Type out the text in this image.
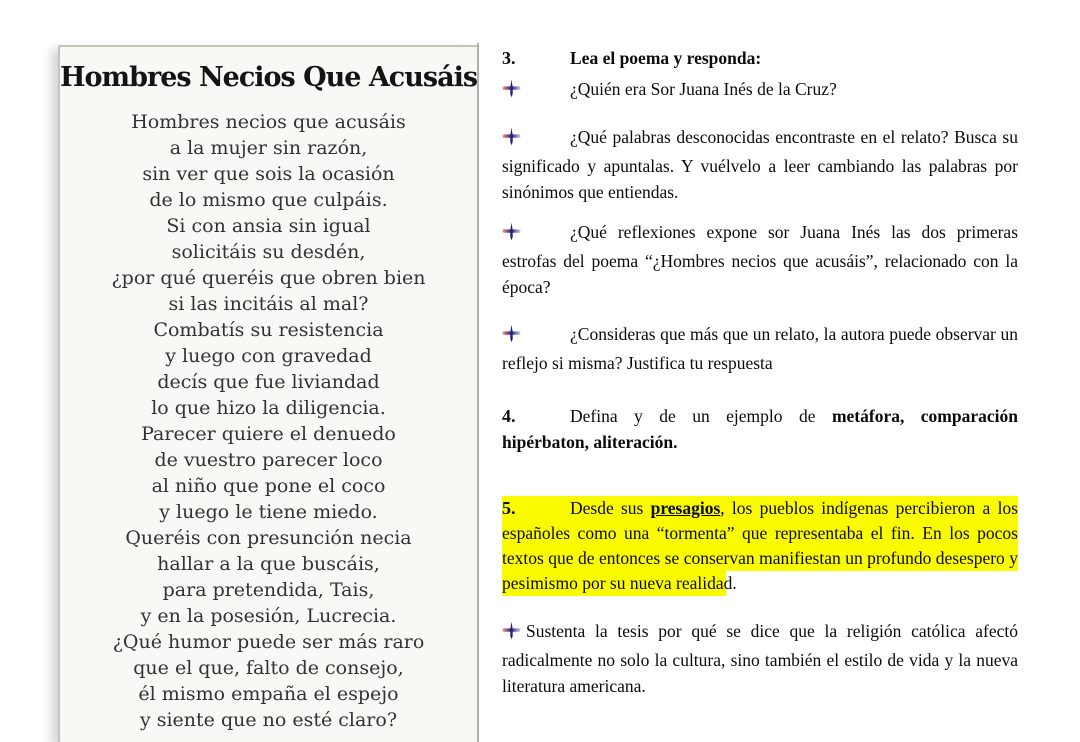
Hombres Necios Que Acusáis
Hombres necios que acusáis
a la mujer sin razón,
sin ver que sois la ocasión
de lo mismo que culpáis.
Si con ansia sin igual
solicitáis su desdén,
¿por qué queréis que obren bien
si las incitáis al mal?
Combatís su resistencia
y luego con gravedad
decís que fue liviandad
lo que hizo la diligencia.
Parecer quiere el denuedo
de vuestro parecer loco
al niño que pone el coco
y luego le tiene miedo.
Queréis con presunción necia
hallar a la que buscáis,
para pretendida, Tais,
y en la posesión, Lucrecia.
¿Qué humor puede ser más raro
que el que, falto de consejo,
él mismo empaña el espejo
y siente que no esté claro?

3.	Lea el poema y responda:

¿Quién era Sor Juana Inés de la Cruz?

¿Qué palabras desconocidas encontraste en el relato? Busca su significado y apuntalas. Y vuélvelo a leer cambiando las palabras por sinónimos que entiendas.

¿Qué reflexiones expone sor Juana Inés las dos primeras estrofas del poema “¿Hombres necios que acusáis”, relacionado con la época?

¿Consideras que más que un relato, la autora puede observar un reflejo si misma? Justifica tu respuesta

4.	Defina y de un ejemplo de metáfora, comparación hipérbaton, aliteración.

5.	Desde sus presagios, los pueblos indígenas percibieron a los españoles como una “tormenta” que representaba el fin. En los pocos textos que de entonces se conservan manifiestan un profundo desespero y pesimismo por su nueva realidad.

Sustenta la tesis por qué se dice que la religión católica afectó radicalmente no solo la cultura, sino también el estilo de vida y la nueva literatura americana.
